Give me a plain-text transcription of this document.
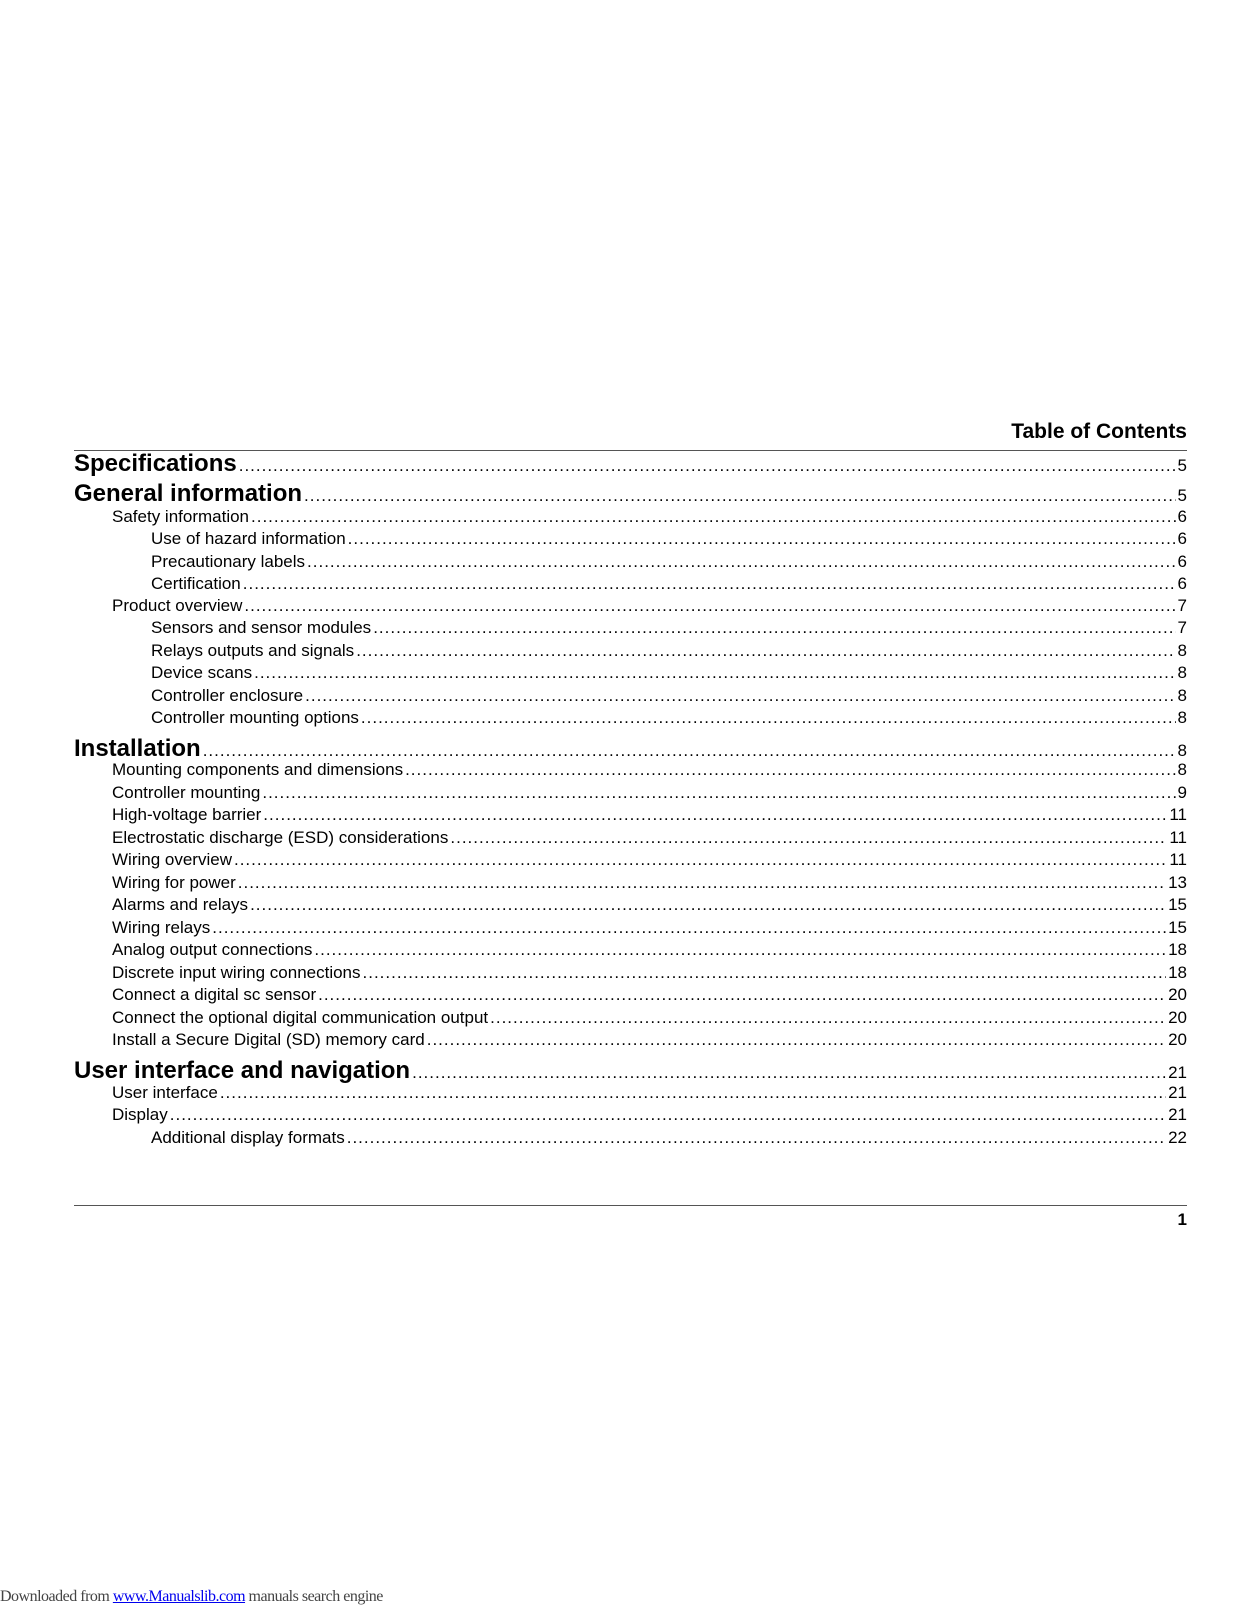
Table of Contents
Specifications .....	5
General information .....	5
Safety information .....	6
Use of hazard information .....	6
Precautionary labels .....	6
Certification .....	6
Product overview .....	7
Sensors and sensor modules .....	7
Relays outputs and signals .....	8
Device scans .....	8
Controller enclosure .....	8
Controller mounting options .....	8
Installation .....	8
Mounting components and dimensions .....	8
Controller mounting .....	9
High-voltage barrier .....	11
Electrostatic discharge (ESD) considerations .....	11
Wiring overview .....	11
Wiring for power .....	13
Alarms and relays .....	15
Wiring relays .....	15
Analog output connections .....	18
Discrete input wiring connections .....	18
Connect a digital sc sensor .....	20
Connect the optional digital communication output .....	20
Install a Secure Digital (SD) memory card .....	20
User interface and navigation .....	21
User interface .....	21
Display .....	21
Additional display formats .....	22
1
Downloaded from www.Manualslib.com manuals search engine
